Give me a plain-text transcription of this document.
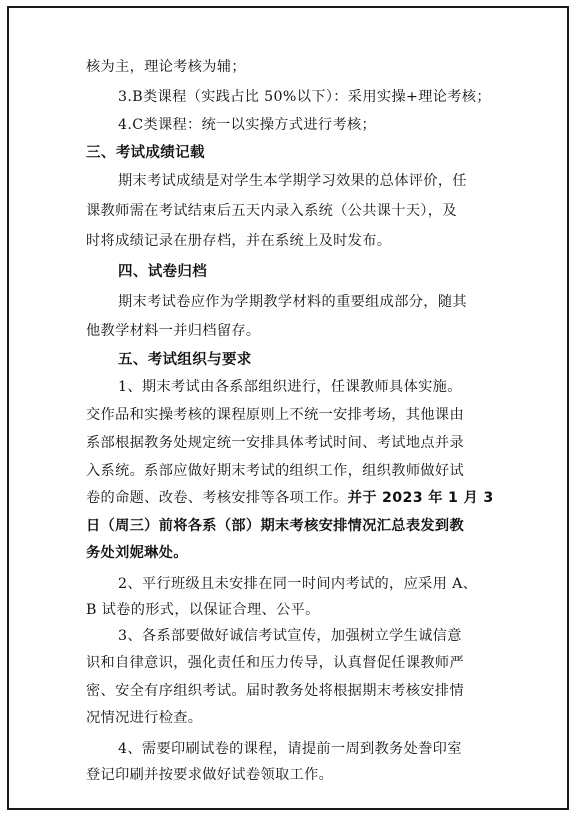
核为主，理论考核为辅；
3.B类课程（实践占比 50%以下）：采用实操+理论考核；
4.C类课程：统一以实操方式进行考核；
三、考试成绩记载
期末考试成绩是对学生本学期学习效果的总体评价，任
课教师需在考试结束后五天内录入系统（公共课十天），及
时将成绩记录在册存档，并在系统上及时发布。
四、试卷归档
期末考试卷应作为学期教学材料的重要组成部分，随其
他教学材料一并归档留存。
五、考试组织与要求
1、期末考试由各系部组织进行，任课教师具体实施。
交作品和实操考核的课程原则上不统一安排考场，其他课由
系部根据教务处规定统一安排具体考试时间、考试地点并录
入系统。系部应做好期末考试的组织工作，组织教师做好试
卷的命题、改卷、考核安排等各项工作。并于 2023 年 1 月 3
日（周三）前将各系（部）期末考核安排情况汇总表发到教
务处刘妮琳处。
2、平行班级且未安排在同一时间内考试的，应采用 A、
B 试卷的形式，以保证合理、公平。
3、各系部要做好诚信考试宣传，加强树立学生诚信意
识和自律意识，强化责任和压力传导，认真督促任课教师严
密、安全有序组织考试。届时教务处将根据期末考核安排情
况情况进行检查。
4、需要印刷试卷的课程，请提前一周到教务处誊印室
登记印刷并按要求做好试卷领取工作。
